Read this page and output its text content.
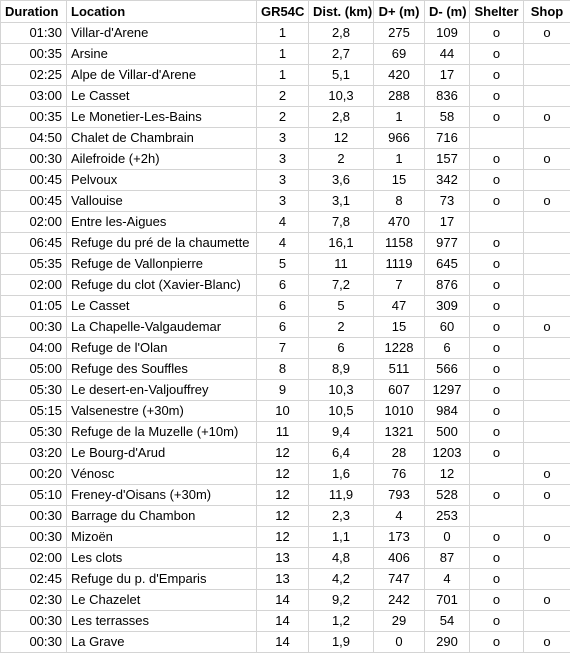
Duration	Location	GR54C	Dist. (km)	D+ (m)	D- (m)	Shelter	Shop
01:30	Villar-d'Arene	1	2,8	275	109	o	o
00:35	Arsine	1	2,7	69	44	o	
02:25	Alpe de Villar-d'Arene	1	5,1	420	17	o	
03:00	Le Casset	2	10,3	288	836	o	
00:35	Le Monetier-Les-Bains	2	2,8	1	58	o	o
04:50	Chalet de Chambrain	3	12	966	716		
00:30	Ailefroide (+2h)	3	2	1	157	o	o
00:45	Pelvoux	3	3,6	15	342	o	
00:45	Vallouise	3	3,1	8	73	o	o
02:00	Entre les-Aigues	4	7,8	470	17		
06:45	Refuge du pré de la chaumette	4	16,1	1158	977	o	
05:35	Refuge de Vallonpierre	5	11	1119	645	o	
02:00	Refuge du clot (Xavier-Blanc)	6	7,2	7	876	o	
01:05	Le Casset	6	5	47	309	o	
00:30	La Chapelle-Valgaudemar	6	2	15	60	o	o
04:00	Refuge de l'Olan	7	6	1228	6	o	
05:00	Refuge des Souffles	8	8,9	511	566	o	
05:30	Le desert-en-Valjouffrey	9	10,3	607	1297	o	
05:15	Valsenestre (+30m)	10	10,5	1010	984	o	
05:30	Refuge de la Muzelle (+10m)	11	9,4	1321	500	o	
03:20	Le Bourg-d'Arud	12	6,4	28	1203	o	
00:20	Vénosc	12	1,6	76	12		o
05:10	Freney-d'Oisans (+30m)	12	11,9	793	528	o	o
00:30	Barrage du Chambon	12	2,3	4	253		
00:30	Mizoën	12	1,1	173	0	o	o
02:00	Les clots	13	4,8	406	87	o	
02:45	Refuge du p. d'Emparis	13	4,2	747	4	o	
02:30	Le Chazelet	14	9,2	242	701	o	o
00:30	Les terrasses	14	1,2	29	54	o	
00:30	La Grave	14	1,9	0	290	o	o
